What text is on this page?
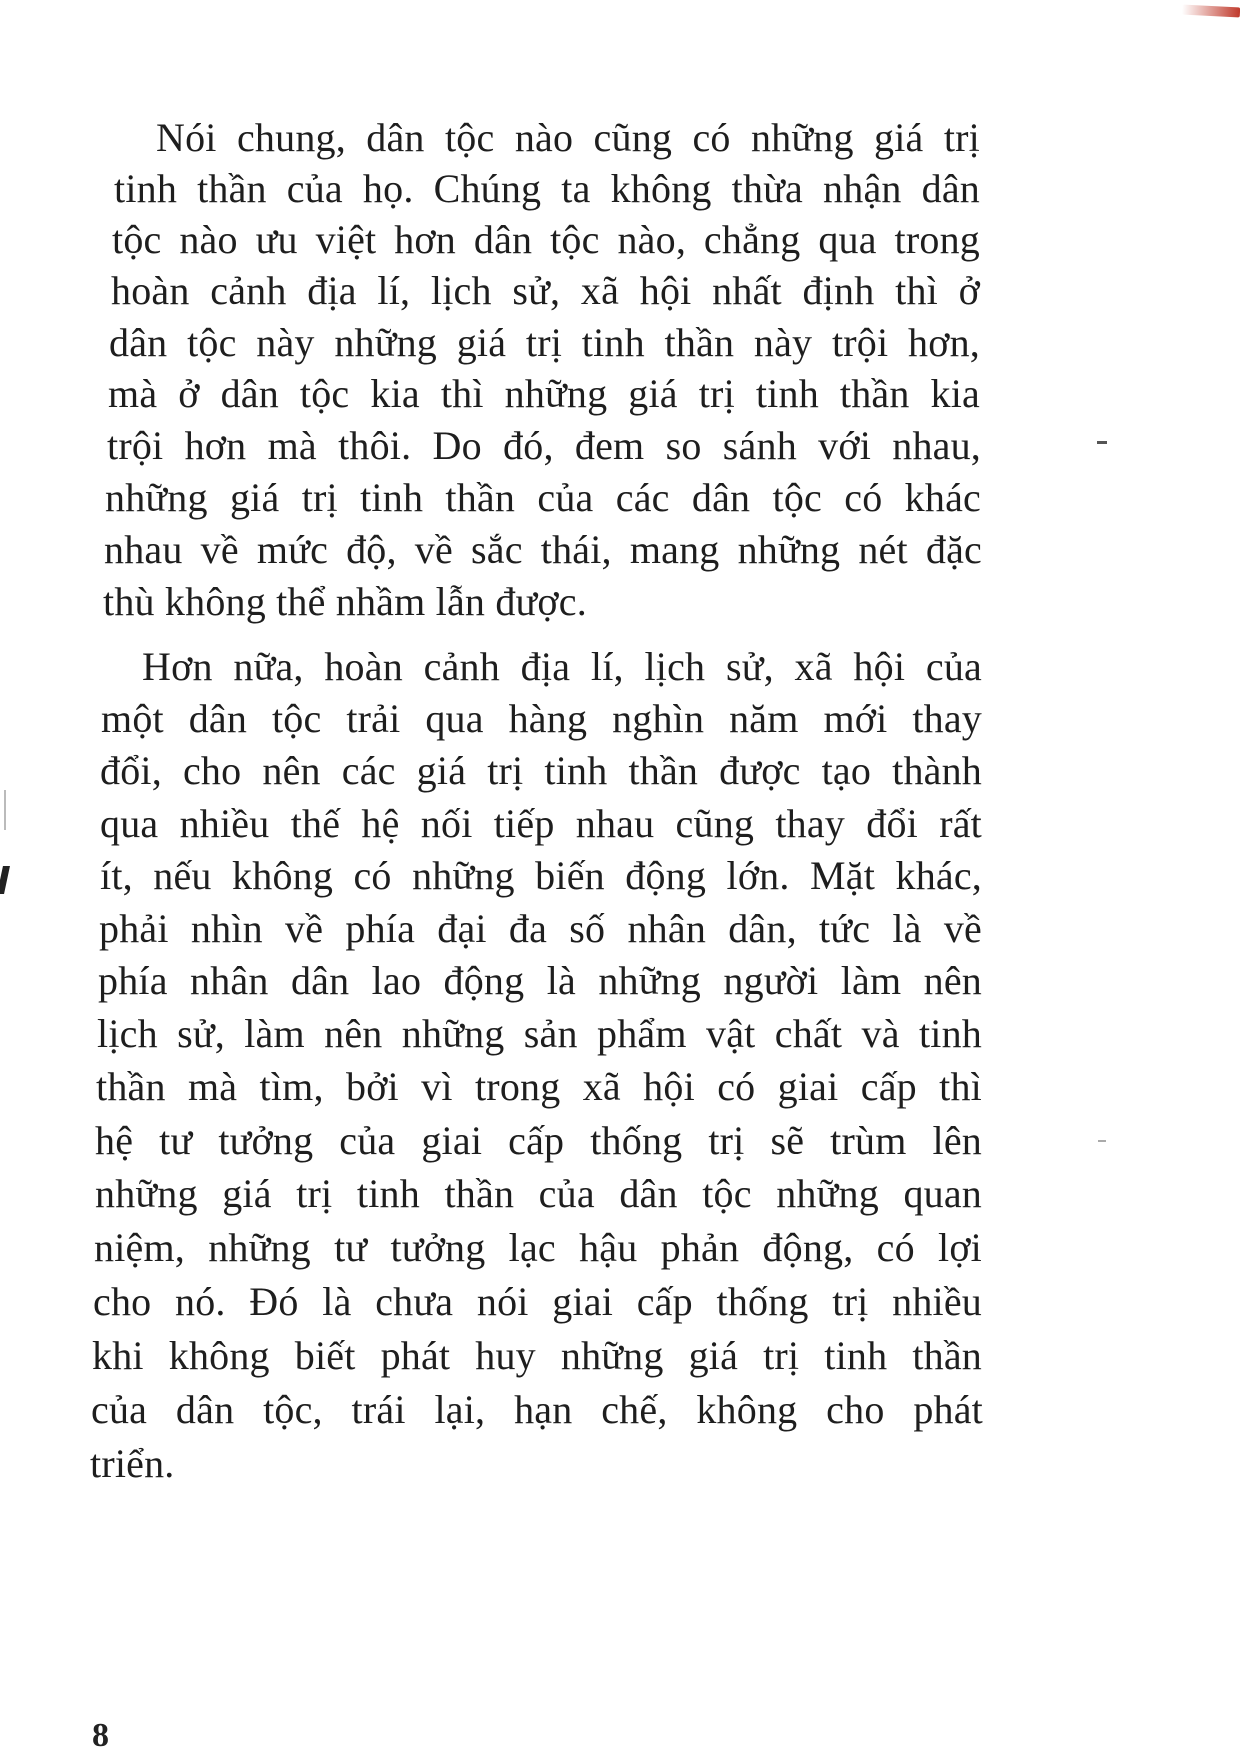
Nói chung, dân tộc nào cũng có những giá trị
tinh thần của họ. Chúng ta không thừa nhận dân
tộc nào ưu việt hơn dân tộc nào, chẳng qua trong
hoàn cảnh địa lí, lịch sử, xã hội nhất định thì ở
dân tộc này những giá trị tinh thần này trội hơn,
mà ở dân tộc kia thì những giá trị tinh thần kia
trội hơn mà thôi. Do đó, đem so sánh với nhau,
những giá trị tinh thần của các dân tộc có khác
nhau về mức độ, về sắc thái, mang những nét đặc
thù không thể nhầm lẫn được.
Hơn nữa, hoàn cảnh địa lí, lịch sử, xã hội của
một dân tộc trải qua hàng nghìn năm mới thay
đổi, cho nên các giá trị tinh thần được tạo thành
qua nhiều thế hệ nối tiếp nhau cũng thay đổi rất
ít, nếu không có những biến động lớn. Mặt khác,
phải nhìn về phía đại đa số nhân dân, tức là về
phía nhân dân lao động là những người làm nên
lịch sử, làm nên những sản phẩm vật chất và tinh
thần mà tìm, bởi vì trong xã hội có giai cấp thì
hệ tư tưởng của giai cấp thống trị sẽ trùm lên
những giá trị tinh thần của dân tộc những quan
niệm, những tư tưởng lạc hậu phản động, có lợi
cho nó. Đó là chưa nói giai cấp thống trị nhiều
khi không biết phát huy những giá trị tinh thần
của dân tộc, trái lại, hạn chế, không cho phát
triển.
8
